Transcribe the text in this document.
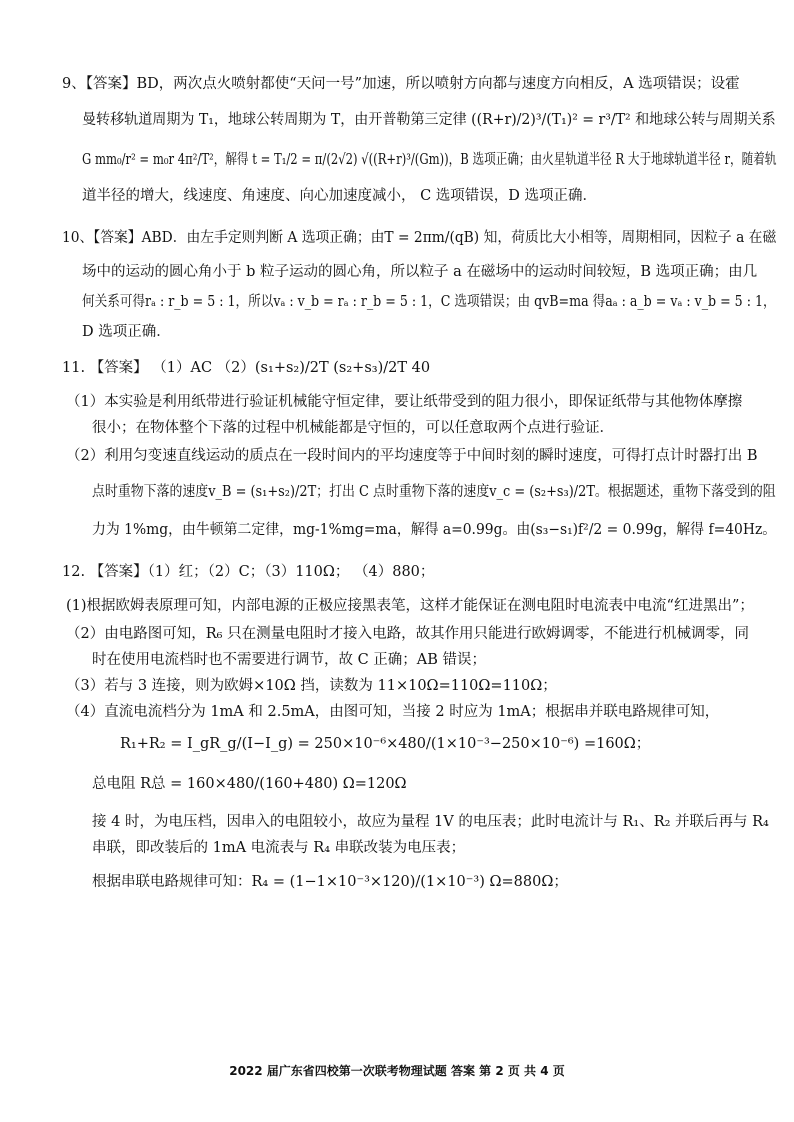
9、【答案】BD，两次点火喷射都使“天问一号”加速，所以喷射方向都与速度方向相反，A 选项错误；设霍
曼转移轨道周期为 T₁，地球公转周期为 T，由开普勒第三定律 ((R+r)/2)³/(T₁)² = r³/T² 和地球公转与周期关系
G mm₀/r² = m₀r 4π²/T²，解得 t = T₁/2 = π/(2√2) √((R+r)³/(Gm))，B 选项正确；由火星轨道半径 R 大于地球轨道半径 r，随着轨
道半径的增大，线速度、角速度、向心加速度减小， C 选项错误，D 选项正确．
10、【答案】ABD．由左手定则判断 A 选项正确；由T = 2πm/(qB) 知，荷质比大小相等，周期相同，因粒子 a 在磁
场中的运动的圆心角小于 b 粒子运动的圆心角，所以粒子 a 在磁场中的运动时间较短，B 选项正确；由几
何关系可得rₐ : r_b = 5 : 1，所以vₐ : v_b = rₐ : r_b = 5 : 1，C 选项错误；由 qvB=ma 得aₐ : a_b = vₐ : v_b = 5 : 1，
D 选项正确．
11. 【答案】 （1）AC （2）(s₁+s₂)/2T (s₂+s₃)/2T 40
（1）本实验是利用纸带进行验证机械能守恒定律，要让纸带受到的阻力很小，即保证纸带与其他物体摩擦
很小；在物体整个下落的过程中机械能都是守恒的，可以任意取两个点进行验证．
（2）利用匀变速直线运动的质点在一段时间内的平均速度等于中间时刻的瞬时速度，可得打点计时器打出 B
点时重物下落的速度v_B = (s₁+s₂)/2T；打出 C 点时重物下落的速度v_c = (s₂+s₃)/2T。根据题述，重物下落受到的阻
力为 1%mg，由牛顿第二定律，mg-1%mg=ma，解得 a=0.99g。由(s₃−s₁)f²/2 = 0.99g，解得 f=40Hz。
12. 【答案】（1）红；（2）C；（3）110Ω； （4）880；
(1)根据欧姆表原理可知，内部电源的正极应接黑表笔，这样才能保证在测电阻时电流表中电流“红进黑出”；
（2）由电路图可知，R₆ 只在测量电阻时才接入电路，故其作用只能进行欧姆调零，不能进行机械调零，同
时在使用电流档时也不需要进行调节，故 C 正确；AB 错误；
（3）若与 3 连接，则为欧姆×10Ω 挡，读数为 11×10Ω=110Ω=110Ω；
（4）直流电流档分为 1mA 和 2.5mA，由图可知，当接 2 时应为 1mA；根据串并联电路规律可知，
R₁+R₂ = I_gR_g/(I−I_g) = 250×10⁻⁶×480/(1×10⁻³−250×10⁻⁶) =160Ω；
总电阻 R总 = 160×480/(160+480) Ω=120Ω
接 4 时，为电压档，因串入的电阻较小，故应为量程 1V 的电压表；此时电流计与 R₁、R₂ 并联后再与 R₄
串联，即改装后的 1mA 电流表与 R₄ 串联改装为电压表；
根据串联电路规律可知：R₄ = (1−1×10⁻³×120)/(1×10⁻³) Ω=880Ω；
2022 届广东省四校第一次联考物理试题 答案 第 2 页 共 4 页
